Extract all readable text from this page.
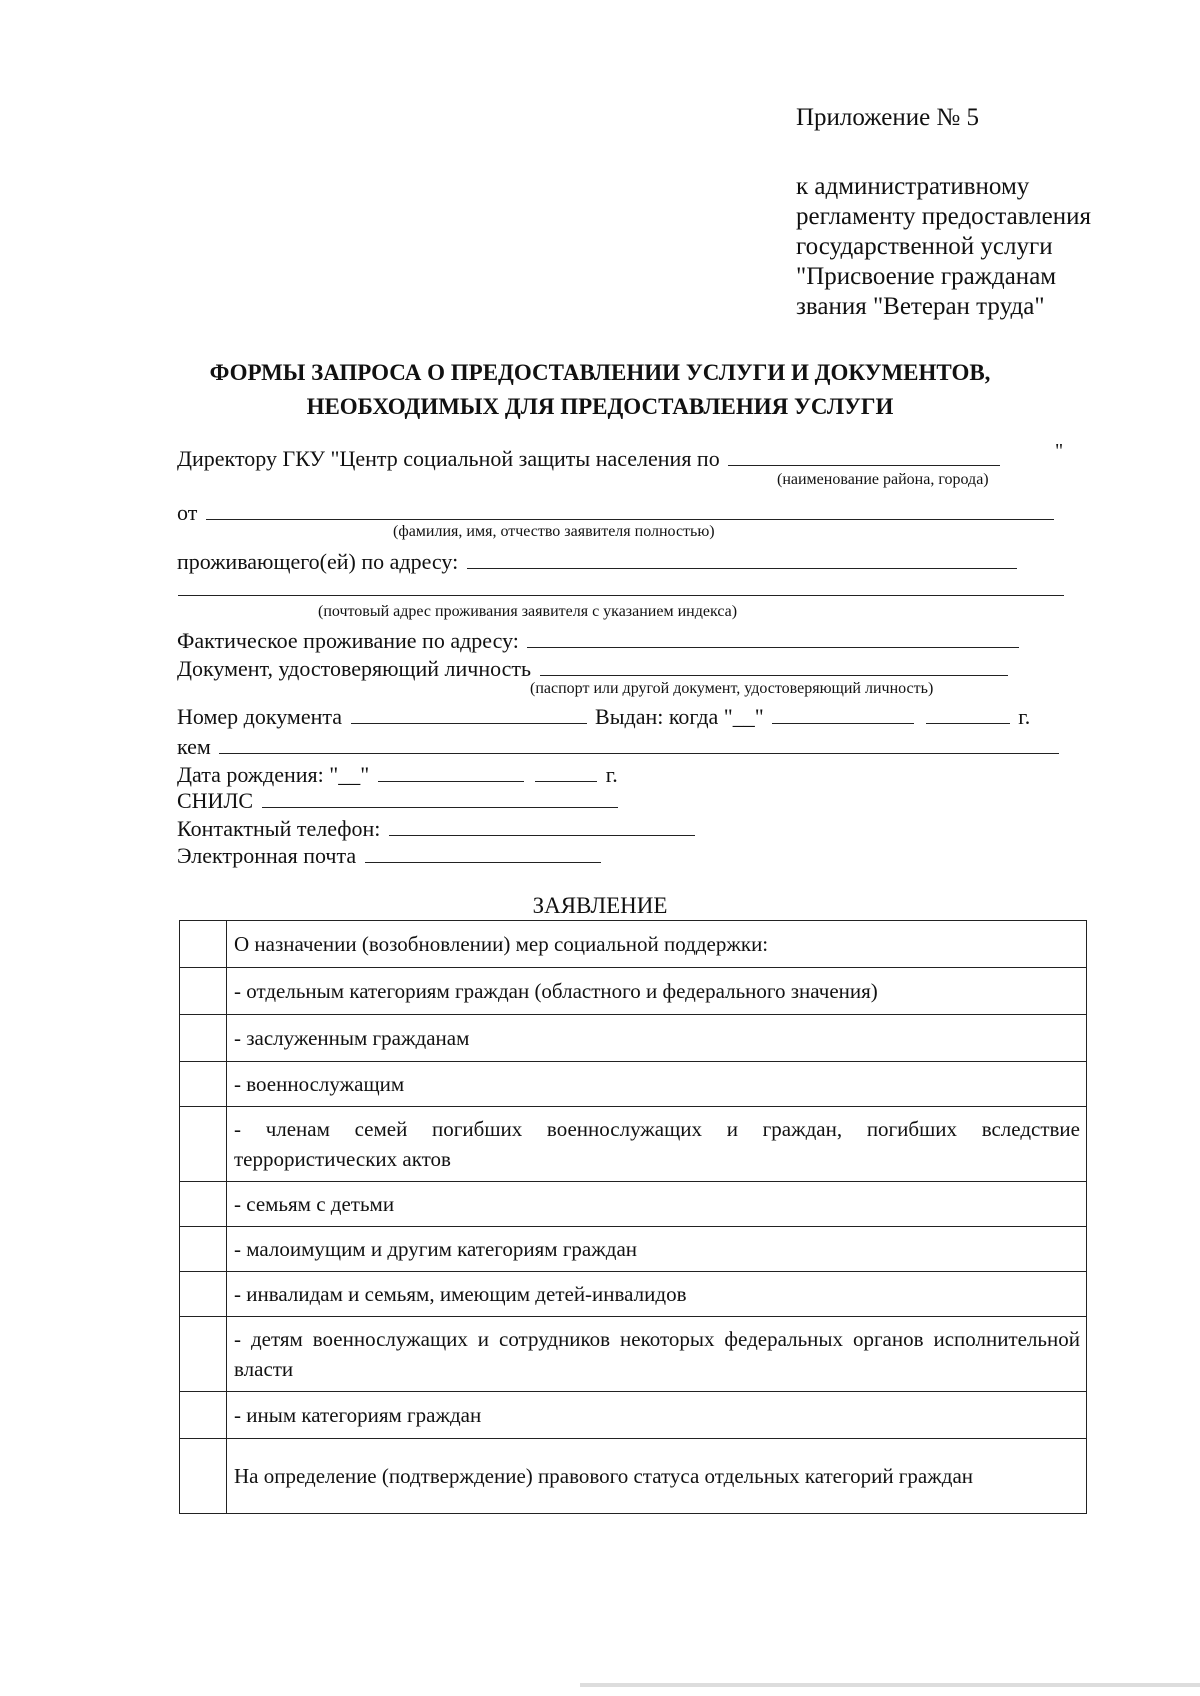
Приложение № 5
к административному
регламенту предоставления
государственной услуги
"Присвоение гражданам
звания "Ветеран труда"
ФОРМЫ ЗАПРОСА О ПРЕДОСТАВЛЕНИИ УСЛУГИ И ДОКУМЕНТОВ,
НЕОБХОДИМЫХ ДЛЯ ПРЕДОСТАВЛЕНИЯ УСЛУГИ
Директору ГКУ "Центр социальной защиты населения по	"
(наименование района, города)
от
(фамилия, имя, отчество заявителя полностью)
проживающего(ей) по адресу:
(почтовый адрес проживания заявителя с указанием индекса)
Фактическое проживание по адресу:
Документ, удостоверяющий личность
(паспорт или другой документ, удостоверяющий личность)
Номер документа	Выдан: когда "__"	г.
кем
Дата рождения: "__"	г.
СНИЛС
Контактный телефон:
Электронная почта
ЗАЯВЛЕНИЕ
	О назначении (возобновлении) мер социальной поддержки:
	- отдельным категориям граждан (областного и федерального значения)
	- заслуженным гражданам
	- военнослужащим
	- членам семей погибших военнослужащих и граждан, погибших вследствие террористических актов
	- семьям с детьми
	- малоимущим и другим категориям граждан
	- инвалидам и семьям, имеющим детей-инвалидов
	- детям военнослужащих и сотрудников некоторых федеральных органов исполнительной власти
	- иным категориям граждан
	На определение (подтверждение) правового статуса отдельных категорий граждан
